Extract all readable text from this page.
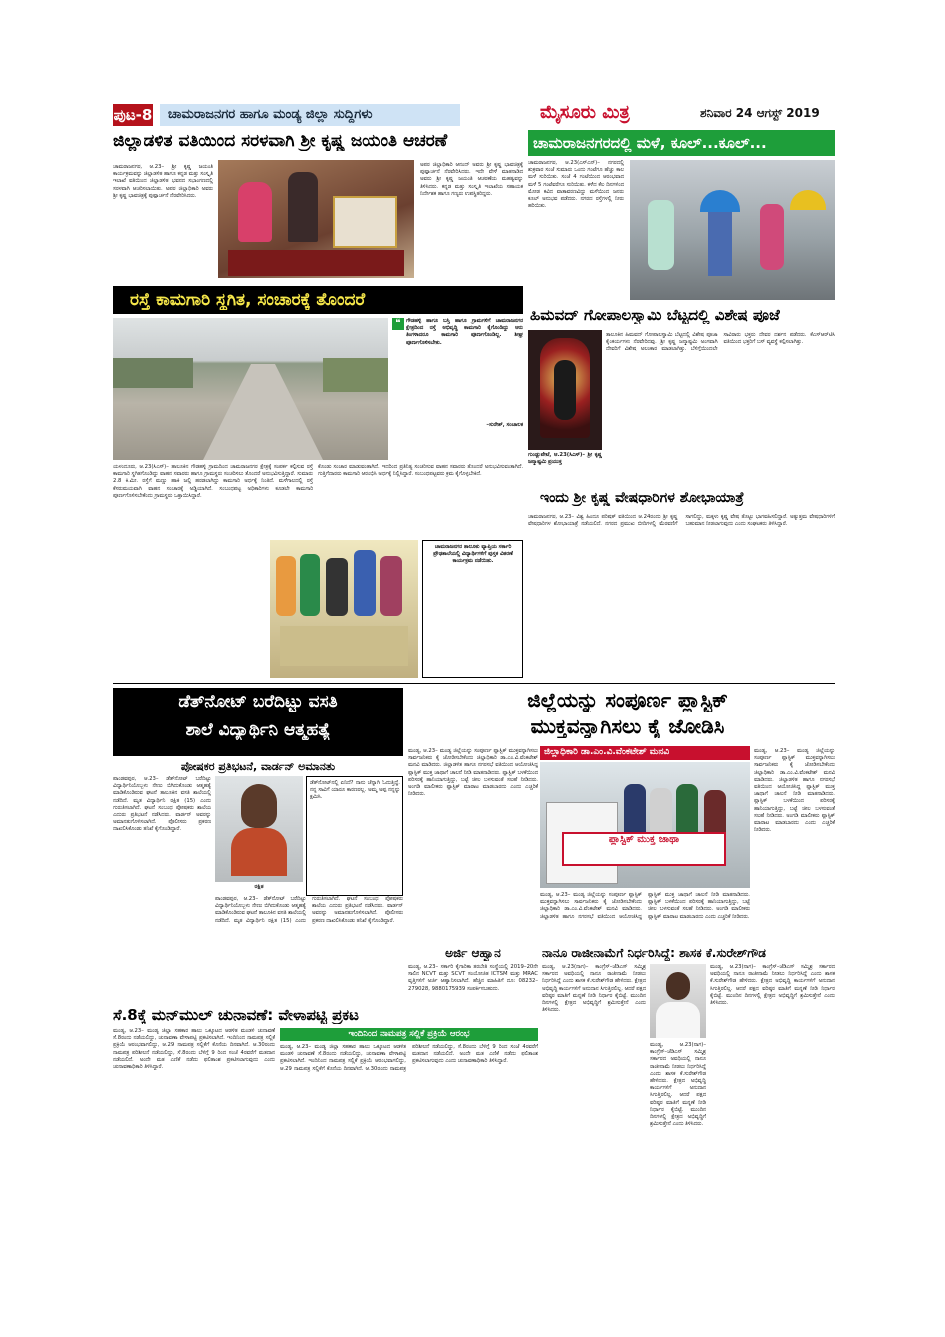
ಪುಟ-8	ಚಾಮರಾಜನಗರ ಹಾಗೂ ಮಂಡ್ಯ ಜಿಲ್ಲಾ ಸುದ್ದಿಗಳು	ಮೈಸೂರು ಮಿತ್ರ	ಶನಿವಾರ 24 ಆಗಸ್ಟ್ 2019
ಜಿಲ್ಲಾಡಳಿತ ವತಿಯಿಂದ ಸರಳವಾಗಿ ಶ್ರೀ ಕೃಷ್ಣ ಜಯಂತಿ ಆಚರಣೆ
ಚಾಮರಾಜನಗರ, ಆ.23– ಶ್ರೀ ಕೃಷ್ಣ ಜಯಂತಿ ಕಾರ್ಯಕ್ರಮವನ್ನು ಜಿಲ್ಲಾಡಳಿತ ಹಾಗೂ ಕನ್ನಡ ಮತ್ತು ಸಂಸ್ಕೃತಿ ಇಲಾಖೆ ವತಿಯಿಂದ ಜಿಲ್ಲಾಡಳಿತ ಭವನದ ಸಭಾಂಗಣದಲ್ಲಿ ಸರಳವಾಗಿ ಆಚರಿಸಲಾಯಿತು. ಅಪರ ಜಿಲ್ಲಾಧಿಕಾರಿ ಅವರು ಶ್ರೀ ಕೃಷ್ಣ ಭಾವಚಿತ್ರಕ್ಕೆ ಪುಷ್ಪಾರ್ಚನೆ ನೆರವೇರಿಸಿದರು.
ಅಪರ ಜಿಲ್ಲಾಧಿಕಾರಿ ಆನಂದ್ ಅವರು ಶ್ರೀ ಕೃಷ್ಣ ಭಾವಚಿತ್ರಕ್ಕೆ ಪುಷ್ಪಾರ್ಚನೆ ನೆರವೇರಿಸಿದರು. ಇದೇ ವೇಳೆ ಮಾತನಾಡಿದ ಅವರು ಶ್ರೀ ಕೃಷ್ಣ ಜಯಂತಿ ಆಚರಣೆಯ ಮಹತ್ವವನ್ನು ತಿಳಿಸಿದರು. ಕನ್ನಡ ಮತ್ತು ಸಂಸ್ಕೃತಿ ಇಲಾಖೆಯ ಸಹಾಯಕ ನಿರ್ದೇಶಕ ಹಾಗೂ ಗಣ್ಯರು ಉಪಸ್ಥಿತರಿದ್ದರು.
ಚಾಮರಾಜನಗರದಲ್ಲಿ ಮಳೆ, ಕೂಲ್...ಕೂಲ್...
ಚಾಮರಾಜನಗರ, ಆ.23(ಎಸ್‌ಎನ್)– ನಗರದಲ್ಲಿ ಶುಕ್ರವಾರ ಸಂಜೆ ಸುಮಾರು ಒಂದು ಗಂಟೆಗೂ ಹೆಚ್ಚು ಕಾಲ ಮಳೆ ಸುರಿಯಿತು. ಸಂಜೆ 4 ಗಂಟೆಯಿಂದ ಆರಂಭವಾದ ಮಳೆ 5 ಗಂಟೆವರೆಗೂ ಸುರಿಯಿತು. ಕಳೆದ ಕೆಲ ದಿನಗಳಿಂದ ಮೋಡ ಕವಿದ ವಾತಾವರಣವಿದ್ದು ಮಳೆಯಿಂದ ಜನರು ಕೂಲ್ ಅನುಭವ ಪಡೆದರು. ನಗರದ ರಸ್ತೆಗಳಲ್ಲಿ ನೀರು ಹರಿಯಿತು.
ರಸ್ತೆ ಕಾಮಗಾರಿ ಸ್ಥಗಿತ, ಸಂಚಾರಕ್ಕೆ ತೊಂದರೆ
❝	ಗೌಡಹಳ್ಳಿ ಹಾಗೂ ಬಸ್ತಿ ಹಾಗೂ ಗ್ರಾಮಗಳಿಗೆ ಚಾಮರಾಜನಗರ ಕ್ಷೇತ್ರದಿಂದ ರಸ್ತೆ ಅಭಿವೃದ್ಧಿ ಕಾಮಗಾರಿ ಕೈಗೊಂಡಿದ್ದು ಆರು ತಿಂಗಳಾದರೂ ಕಾಮಗಾರಿ ಪೂರ್ಣಗೊಂಡಿಲ್ಲ. ಶೀಘ್ರ ಪೂರ್ಣಗೊಳಿಸಬೇಕು.
–ಸುರೇಶ್, ಸಂಚಾಲಕ
ಯಳಂದೂರು, ಆ.23(ಸಿಎಸ್)– ತಾಲೂಕಿನ ಗೌಡಹಳ್ಳಿ ಗ್ರಾಮದಿಂದ ಚಾಮರಾಜನಗರ ಕ್ಷೇತ್ರಕ್ಕೆ ಸಂಪರ್ಕ ಕಲ್ಪಿಸುವ ರಸ್ತೆ ಕಾಮಗಾರಿ ಸ್ಥಗಿತಗೊಂಡಿದ್ದು ವಾಹನ ಸವಾರರು ಹಾಗೂ ಗ್ರಾಮಸ್ಥರು ಸಂಚರಿಸಲು ತೊಂದರೆ ಅನುಭವಿಸುತ್ತಿದ್ದಾರೆ. ಸುಮಾರು 2.8 ಕಿ.ಮೀ. ರಸ್ತೆಗೆ ಮಣ್ಣು ಹಾಕಿ ಜಲ್ಲಿ ಹರಡಲಾಗಿದ್ದು ಕಾಮಗಾರಿ ಅರ್ಧಕ್ಕೆ ನಿಂತಿದೆ. ಮಳೆಗಾಲದಲ್ಲಿ ರಸ್ತೆ ಕೆಸರುಮಯವಾಗಿ ವಾಹನ ಸಂಚಾರಕ್ಕೆ ಅಡ್ಡಿಯಾಗಿದೆ. ಸಂಬಂಧಪಟ್ಟ ಅಧಿಕಾರಿಗಳು ಕೂಡಲೇ ಕಾಮಗಾರಿ ಪೂರ್ಣಗೊಳಿಸಬೇಕೆಂದು ಗ್ರಾಮಸ್ಥರು ಒತ್ತಾಯಿಸಿದ್ದಾರೆ.
ಕೊಂಡು ಸಂಚಾರ ಮಾಡುವಂತಾಗಿದೆ. ಇದರಿಂದ ಪ್ರತಿನಿತ್ಯ ಸಂಚರಿಸುವ ವಾಹನ ಸವಾರರು ತೊಂದರೆ ಅನುಭವಿಸುವಂತಾಗಿದೆ. ಗುತ್ತಿಗೆದಾರರು ಕಾಮಗಾರಿ ಆರಂಭಿಸಿ ಅರ್ಧಕ್ಕೆ ನಿಲ್ಲಿಸಿದ್ದಾರೆ. ಸಂಬಂಧಪಟ್ಟವರು ಕ್ರಮ ಕೈಗೊಳ್ಳಬೇಕಿದೆ.
ಚಾಮರಾಜನಗರ ತಾಲೂಕು ವ್ಯಾಪ್ತಿಯ ಸರ್ಕಾರಿ ಪ್ರೌಢಶಾಲೆಯಲ್ಲಿ ವಿದ್ಯಾರ್ಥಿಗಳಿಗೆ ಪುಸ್ತಕ ವಿತರಣೆ ಕಾರ್ಯಕ್ರಮ ನಡೆಯಿತು.
ಹಿಮವದ್ ಗೋಪಾಲಸ್ವಾಮಿ ಬೆಟ್ಟದಲ್ಲಿ ವಿಶೇಷ ಪೂಜೆ
ಗುಂಡ್ಲುಪೇಟೆ, ಆ.23(ಸಿಎಸ್)– ಶ್ರೀ ಕೃಷ್ಣ ಜನ್ಮಾಷ್ಟಮಿ ಪ್ರಯುಕ್ತ
ತಾಲೂಕಿನ ಹಿಮವದ್ ಗೋಪಾಲಸ್ವಾಮಿ ಬೆಟ್ಟದಲ್ಲಿ ವಿಶೇಷ ಪೂಜಾ ಕೈಂಕರ್ಯಗಳು ನೆರವೇರಿದವು. ಶ್ರೀ ಕೃಷ್ಣ ಜನ್ಮಾಷ್ಟಮಿ ಅಂಗವಾಗಿ ದೇವರಿಗೆ ವಿಶೇಷ ಅಲಂಕಾರ ಮಾಡಲಾಗಿತ್ತು. ಬೆಳಿಗ್ಗೆಯಿಂದಲೇ ಸಾವಿರಾರು ಭಕ್ತರು ದೇವರ ದರ್ಶನ ಪಡೆದರು. ಕೆಎಸ್‌ಆರ್‌ಟಿಸಿ ವತಿಯಿಂದ ಭಕ್ತರಿಗೆ ಬಸ್ ವ್ಯವಸ್ಥೆ ಕಲ್ಪಿಸಲಾಗಿತ್ತು.
ಇಂದು ಶ್ರೀ ಕೃಷ್ಣ ವೇಷಧಾರಿಗಳ ಶೋಭಾಯಾತ್ರೆ
ಚಾಮರಾಜನಗರ, ಆ.23– ವಿಶ್ವ ಹಿಂದೂ ಪರಿಷತ್ ವತಿಯಿಂದ ಆ.24ರಂದು ಶ್ರೀ ಕೃಷ್ಣ ವೇಷಧಾರಿಗಳ ಶೋಭಾಯಾತ್ರೆ ನಡೆಯಲಿದೆ. ನಗರದ ಪ್ರಮುಖ ಬೀದಿಗಳಲ್ಲಿ ಮೆರವಣಿಗೆ ಸಾಗಲಿದ್ದು, ಮಕ್ಕಳು ಕೃಷ್ಣ ವೇಷ ತೊಟ್ಟು ಭಾಗವಹಿಸಲಿದ್ದಾರೆ. ಅತ್ಯುತ್ತಮ ವೇಷಧಾರಿಗಳಿಗೆ ಬಹುಮಾನ ನೀಡಲಾಗುವುದು ಎಂದು ಸಂಘಟಕರು ತಿಳಿಸಿದ್ದಾರೆ.
ಡೆತ್‌ನೋಟ್ ಬರೆದಿಟ್ಟು ವಸತಿ
ಶಾಲೆ ವಿದ್ಯಾರ್ಥಿನಿ ಆತ್ಮಹತ್ಯೆ
ಪೋಷಕರ ಪ್ರತಿಭಟನೆ, ವಾರ್ಡನ್ ಅಮಾನತು
ರಕ್ಷಿತ
ಡೆತ್‌ನೋಟ್‌ನಲ್ಲಿ ಏನಿದೆ? ನಾನು ಚೆನ್ನಾಗಿ ಓದುತ್ತಿದ್ದೆ. ನನ್ನ ಸಾವಿಗೆ ಯಾರೂ ಕಾರಣರಲ್ಲ. ಅಮ್ಮ ಅಪ್ಪ ನನ್ನನ್ನು ಕ್ಷಮಿಸಿ.
ಪಾಂಡವಪುರ, ಆ.23– ಡೆತ್‌ನೋಟ್ ಬರೆದಿಟ್ಟು ವಿದ್ಯಾರ್ಥಿನಿಯೊಬ್ಬಳು ನೇಣು ಬಿಗಿದುಕೊಂಡು ಆತ್ಮಹತ್ಯೆ ಮಾಡಿಕೊಂಡಿರುವ ಘಟನೆ ತಾಲೂಕಿನ ವಸತಿ ಶಾಲೆಯಲ್ಲಿ ನಡೆದಿದೆ. ಮೃತ ವಿದ್ಯಾರ್ಥಿನಿ ರಕ್ಷಿತ (15) ಎಂದು ಗುರುತಿಸಲಾಗಿದೆ. ಘಟನೆ ಸಂಬಂಧ ಪೋಷಕರು ಶಾಲೆಯ ಎದುರು ಪ್ರತಿಭಟನೆ ನಡೆಸಿದರು. ವಾರ್ಡನ್ ಅವರನ್ನು ಅಮಾನತುಗೊಳಿಸಲಾಗಿದೆ. ಪೊಲೀಸರು ಪ್ರಕರಣ ದಾಖಲಿಸಿಕೊಂಡು ತನಿಖೆ ಕೈಗೊಂಡಿದ್ದಾರೆ.
ಪಾಂಡವಪುರ, ಆ.23– ಡೆತ್‌ನೋಟ್ ಬರೆದಿಟ್ಟು ವಿದ್ಯಾರ್ಥಿನಿಯೊಬ್ಬಳು ನೇಣು ಬಿಗಿದುಕೊಂಡು ಆತ್ಮಹತ್ಯೆ ಮಾಡಿಕೊಂಡಿರುವ ಘಟನೆ ತಾಲೂಕಿನ ವಸತಿ ಶಾಲೆಯಲ್ಲಿ ನಡೆದಿದೆ. ಮೃತ ವಿದ್ಯಾರ್ಥಿನಿ ರಕ್ಷಿತ (15) ಎಂದು ಗುರುತಿಸಲಾಗಿದೆ. ಘಟನೆ ಸಂಬಂಧ ಪೋಷಕರು ಶಾಲೆಯ ಎದುರು ಪ್ರತಿಭಟನೆ ನಡೆಸಿದರು. ವಾರ್ಡನ್ ಅವರನ್ನು ಅಮಾನತುಗೊಳಿಸಲಾಗಿದೆ. ಪೊಲೀಸರು ಪ್ರಕರಣ ದಾಖಲಿಸಿಕೊಂಡು ತನಿಖೆ ಕೈಗೊಂಡಿದ್ದಾರೆ.
ಜಿಲ್ಲೆಯನ್ನು ಸಂಪೂರ್ಣ ಪ್ಲಾಸ್ಟಿಕ್
ಮುಕ್ತವನ್ನಾಗಿಸಲು ಕೈ ಜೋಡಿಸಿ
ಮಂಡ್ಯ, ಆ.23– ಮಂಡ್ಯ ಜಿಲ್ಲೆಯನ್ನು ಸಂಪೂರ್ಣ ಪ್ಲಾಸ್ಟಿಕ್ ಮುಕ್ತವನ್ನಾಗಿಸಲು ಸಾರ್ವಜನಿಕರು ಕೈ ಜೋಡಿಸಬೇಕೆಂದು ಜಿಲ್ಲಾಧಿಕಾರಿ ಡಾ.ಎಂ.ವಿ.ವೆಂಕಟೇಶ್ ಮನವಿ ಮಾಡಿದರು. ಜಿಲ್ಲಾಡಳಿತ ಹಾಗೂ ನಗರಸಭೆ ವತಿಯಿಂದ ಆಯೋಜಿಸಿದ್ದ ಪ್ಲಾಸ್ಟಿಕ್ ಮುಕ್ತ ಜಾಥಾಗೆ ಚಾಲನೆ ನೀಡಿ ಮಾತನಾಡಿದರು. ಪ್ಲಾಸ್ಟಿಕ್ ಬಳಕೆಯಿಂದ ಪರಿಸರಕ್ಕೆ ಹಾನಿಯಾಗುತ್ತಿದ್ದು, ಬಟ್ಟೆ ಚೀಲ ಬಳಸುವಂತೆ ಸಲಹೆ ನೀಡಿದರು. ಅಂಗಡಿ ಮಾಲೀಕರು ಪ್ಲಾಸ್ಟಿಕ್ ಮಾರಾಟ ಮಾಡಬಾರದು ಎಂದು ಎಚ್ಚರಿಕೆ ನೀಡಿದರು.
ಜಿಲ್ಲಾಧಿಕಾರಿ ಡಾ.ಎಂ.ವಿ.ವೆಂಕಟೇಶ್ ಮನವಿ
ಪ್ಲಾಸ್ಟಿಕ್ ಮುಕ್ತ ಜಾಥಾ
ಮಂಡ್ಯ, ಆ.23– ಮಂಡ್ಯ ಜಿಲ್ಲೆಯನ್ನು ಸಂಪೂರ್ಣ ಪ್ಲಾಸ್ಟಿಕ್ ಮುಕ್ತವನ್ನಾಗಿಸಲು ಸಾರ್ವಜನಿಕರು ಕೈ ಜೋಡಿಸಬೇಕೆಂದು ಜಿಲ್ಲಾಧಿಕಾರಿ ಡಾ.ಎಂ.ವಿ.ವೆಂಕಟೇಶ್ ಮನವಿ ಮಾಡಿದರು. ಜಿಲ್ಲಾಡಳಿತ ಹಾಗೂ ನಗರಸಭೆ ವತಿಯಿಂದ ಆಯೋಜಿಸಿದ್ದ ಪ್ಲಾಸ್ಟಿಕ್ ಮುಕ್ತ ಜಾಥಾಗೆ ಚಾಲನೆ ನೀಡಿ ಮಾತನಾಡಿದರು. ಪ್ಲಾಸ್ಟಿಕ್ ಬಳಕೆಯಿಂದ ಪರಿಸರಕ್ಕೆ ಹಾನಿಯಾಗುತ್ತಿದ್ದು, ಬಟ್ಟೆ ಚೀಲ ಬಳಸುವಂತೆ ಸಲಹೆ ನೀಡಿದರು. ಅಂಗಡಿ ಮಾಲೀಕರು ಪ್ಲಾಸ್ಟಿಕ್ ಮಾರಾಟ ಮಾಡಬಾರದು ಎಂದು ಎಚ್ಚರಿಕೆ ನೀಡಿದರು.
ಮಂಡ್ಯ, ಆ.23– ಮಂಡ್ಯ ಜಿಲ್ಲೆಯನ್ನು ಸಂಪೂರ್ಣ ಪ್ಲಾಸ್ಟಿಕ್ ಮುಕ್ತವನ್ನಾಗಿಸಲು ಸಾರ್ವಜನಿಕರು ಕೈ ಜೋಡಿಸಬೇಕೆಂದು ಜಿಲ್ಲಾಧಿಕಾರಿ ಡಾ.ಎಂ.ವಿ.ವೆಂಕಟೇಶ್ ಮನವಿ ಮಾಡಿದರು. ಜಿಲ್ಲಾಡಳಿತ ಹಾಗೂ ನಗರಸಭೆ ವತಿಯಿಂದ ಆಯೋಜಿಸಿದ್ದ ಪ್ಲಾಸ್ಟಿಕ್ ಮುಕ್ತ ಜಾಥಾಗೆ ಚಾಲನೆ ನೀಡಿ ಮಾತನಾಡಿದರು. ಪ್ಲಾಸ್ಟಿಕ್ ಬಳಕೆಯಿಂದ ಪರಿಸರಕ್ಕೆ ಹಾನಿಯಾಗುತ್ತಿದ್ದು, ಬಟ್ಟೆ ಚೀಲ ಬಳಸುವಂತೆ ಸಲಹೆ ನೀಡಿದರು. ಅಂಗಡಿ ಮಾಲೀಕರು ಪ್ಲಾಸ್ಟಿಕ್ ಮಾರಾಟ ಮಾಡಬಾರದು ಎಂದು ಎಚ್ಚರಿಕೆ ನೀಡಿದರು.
ಅರ್ಜಿ ಆಹ್ವಾನ
ಮಂಡ್ಯ, ಆ.23– ಸರ್ಕಾರಿ ಕೈಗಾರಿಕಾ ತರಬೇತಿ ಸಂಸ್ಥೆಯಲ್ಲಿ 2019–20ನೇ ಸಾಲಿನ NCVT ಮತ್ತು SCVT ಸಂಯೋಜಿತ ICTSM ಮತ್ತು MRAC ವೃತ್ತಿಗಳಿಗೆ ಅರ್ಜಿ ಆಹ್ವಾನಿಸಲಾಗಿದೆ. ಹೆಚ್ಚಿನ ಮಾಹಿತಿಗೆ ದೂ: 08232–279028, 9880175939 ಸಂಪರ್ಕಿಸಬಹುದು.
ನಾನೂ ರಾಜೀನಾಮೆಗೆ ನಿರ್ಧರಿಸಿದ್ದೆ: ಶಾಸಕ ಕೆ.ಸುರೇಶ್‌ಗೌಡ
ಮಂಡ್ಯ, ಆ.23(ನಾಗ)– ಕಾಂಗ್ರೆಸ್–ಜೆಡಿಎಸ್ ಸಮ್ಮಿಶ್ರ ಸರ್ಕಾರದ ಅವಧಿಯಲ್ಲಿ ನಾನೂ ರಾಜೀನಾಮೆ ನೀಡಲು ನಿರ್ಧರಿಸಿದ್ದೆ ಎಂದು ಶಾಸಕ ಕೆ.ಸುರೇಶ್‌ಗೌಡ ಹೇಳಿದರು. ಕ್ಷೇತ್ರದ ಅಭಿವೃದ್ಧಿ ಕಾರ್ಯಗಳಿಗೆ ಅನುದಾನ ಸಿಗುತ್ತಿರಲಿಲ್ಲ. ಆದರೆ ಪಕ್ಷದ ವರಿಷ್ಠರ ಮಾತಿಗೆ ಮನ್ನಣೆ ನೀಡಿ ನಿರ್ಧಾರ ಕೈಬಿಟ್ಟೆ. ಮುಂದಿನ ದಿನಗಳಲ್ಲಿ ಕ್ಷೇತ್ರದ ಅಭಿವೃದ್ಧಿಗೆ ಶ್ರಮಿಸುತ್ತೇನೆ ಎಂದು ತಿಳಿಸಿದರು.
ಮಂಡ್ಯ, ಆ.23(ನಾಗ)– ಕಾಂಗ್ರೆಸ್–ಜೆಡಿಎಸ್ ಸಮ್ಮಿಶ್ರ ಸರ್ಕಾರದ ಅವಧಿಯಲ್ಲಿ ನಾನೂ ರಾಜೀನಾಮೆ ನೀಡಲು ನಿರ್ಧರಿಸಿದ್ದೆ ಎಂದು ಶಾಸಕ ಕೆ.ಸುರೇಶ್‌ಗೌಡ ಹೇಳಿದರು. ಕ್ಷೇತ್ರದ ಅಭಿವೃದ್ಧಿ ಕಾರ್ಯಗಳಿಗೆ ಅನುದಾನ ಸಿಗುತ್ತಿರಲಿಲ್ಲ. ಆದರೆ ಪಕ್ಷದ ವರಿಷ್ಠರ ಮಾತಿಗೆ ಮನ್ನಣೆ ನೀಡಿ ನಿರ್ಧಾರ ಕೈಬಿಟ್ಟೆ. ಮುಂದಿನ ದಿನಗಳಲ್ಲಿ ಕ್ಷೇತ್ರದ ಅಭಿವೃದ್ಧಿಗೆ ಶ್ರಮಿಸುತ್ತೇನೆ ಎಂದು ತಿಳಿಸಿದರು.
ಮಂಡ್ಯ, ಆ.23(ನಾಗ)– ಕಾಂಗ್ರೆಸ್–ಜೆಡಿಎಸ್ ಸಮ್ಮಿಶ್ರ ಸರ್ಕಾರದ ಅವಧಿಯಲ್ಲಿ ನಾನೂ ರಾಜೀನಾಮೆ ನೀಡಲು ನಿರ್ಧರಿಸಿದ್ದೆ ಎಂದು ಶಾಸಕ ಕೆ.ಸುರೇಶ್‌ಗೌಡ ಹೇಳಿದರು. ಕ್ಷೇತ್ರದ ಅಭಿವೃದ್ಧಿ ಕಾರ್ಯಗಳಿಗೆ ಅನುದಾನ ಸಿಗುತ್ತಿರಲಿಲ್ಲ. ಆದರೆ ಪಕ್ಷದ ವರಿಷ್ಠರ ಮಾತಿಗೆ ಮನ್ನಣೆ ನೀಡಿ ನಿರ್ಧಾರ ಕೈಬಿಟ್ಟೆ. ಮುಂದಿನ ದಿನಗಳಲ್ಲಿ ಕ್ಷೇತ್ರದ ಅಭಿವೃದ್ಧಿಗೆ ಶ್ರಮಿಸುತ್ತೇನೆ ಎಂದು ತಿಳಿಸಿದರು.
ಸೆ.8ಕ್ಕೆ ಮನ್‌ಮುಲ್ ಚುನಾವಣೆ: ವೇಳಾಪಟ್ಟಿ ಪ್ರಕಟ
ಇಂದಿನಿಂದ ನಾಮಪತ್ರ ಸಲ್ಲಿಕೆ ಪ್ರಕ್ರಿಯೆ ಆರಂಭ
ಮಂಡ್ಯ, ಆ.23– ಮಂಡ್ಯ ಜಿಲ್ಲಾ ಸಹಕಾರ ಹಾಲು ಒಕ್ಕೂಟದ ಆಡಳಿತ ಮಂಡಳಿ ಚುನಾವಣೆ ಸೆ.8ರಂದು ನಡೆಯಲಿದ್ದು, ಚುನಾವಣಾ ವೇಳಾಪಟ್ಟಿ ಪ್ರಕಟಿಸಲಾಗಿದೆ. ಇಂದಿನಿಂದ ನಾಮಪತ್ರ ಸಲ್ಲಿಕೆ ಪ್ರಕ್ರಿಯೆ ಆರಂಭವಾಗಲಿದ್ದು, ಆ.29 ನಾಮಪತ್ರ ಸಲ್ಲಿಕೆಗೆ ಕೊನೆಯ ದಿನವಾಗಿದೆ. ಆ.30ರಂದು ನಾಮಪತ್ರ ಪರಿಶೀಲನೆ ನಡೆಯಲಿದ್ದು, ಸೆ.8ರಂದು ಬೆಳಿಗ್ಗೆ 9 ರಿಂದ ಸಂಜೆ 4ರವರೆಗೆ ಮತದಾನ ನಡೆಯಲಿದೆ. ಅಂದೇ ಮತ ಎಣಿಕೆ ನಡೆದು ಫಲಿತಾಂಶ ಪ್ರಕಟಿಸಲಾಗುವುದು ಎಂದು ಚುನಾವಣಾಧಿಕಾರಿ ತಿಳಿಸಿದ್ದಾರೆ.
ಮಂಡ್ಯ, ಆ.23– ಮಂಡ್ಯ ಜಿಲ್ಲಾ ಸಹಕಾರ ಹಾಲು ಒಕ್ಕೂಟದ ಆಡಳಿತ ಮಂಡಳಿ ಚುನಾವಣೆ ಸೆ.8ರಂದು ನಡೆಯಲಿದ್ದು, ಚುನಾವಣಾ ವೇಳಾಪಟ್ಟಿ ಪ್ರಕಟಿಸಲಾಗಿದೆ. ಇಂದಿನಿಂದ ನಾಮಪತ್ರ ಸಲ್ಲಿಕೆ ಪ್ರಕ್ರಿಯೆ ಆರಂಭವಾಗಲಿದ್ದು, ಆ.29 ನಾಮಪತ್ರ ಸಲ್ಲಿಕೆಗೆ ಕೊನೆಯ ದಿನವಾಗಿದೆ. ಆ.30ರಂದು ನಾಮಪತ್ರ ಪರಿಶೀಲನೆ ನಡೆಯಲಿದ್ದು, ಸೆ.8ರಂದು ಬೆಳಿಗ್ಗೆ 9 ರಿಂದ ಸಂಜೆ 4ರವರೆಗೆ ಮತದಾನ ನಡೆಯಲಿದೆ. ಅಂದೇ ಮತ ಎಣಿಕೆ ನಡೆದು ಫಲಿತಾಂಶ ಪ್ರಕಟಿಸಲಾಗುವುದು ಎಂದು ಚುನಾವಣಾಧಿಕಾರಿ ತಿಳಿಸಿದ್ದಾರೆ.
